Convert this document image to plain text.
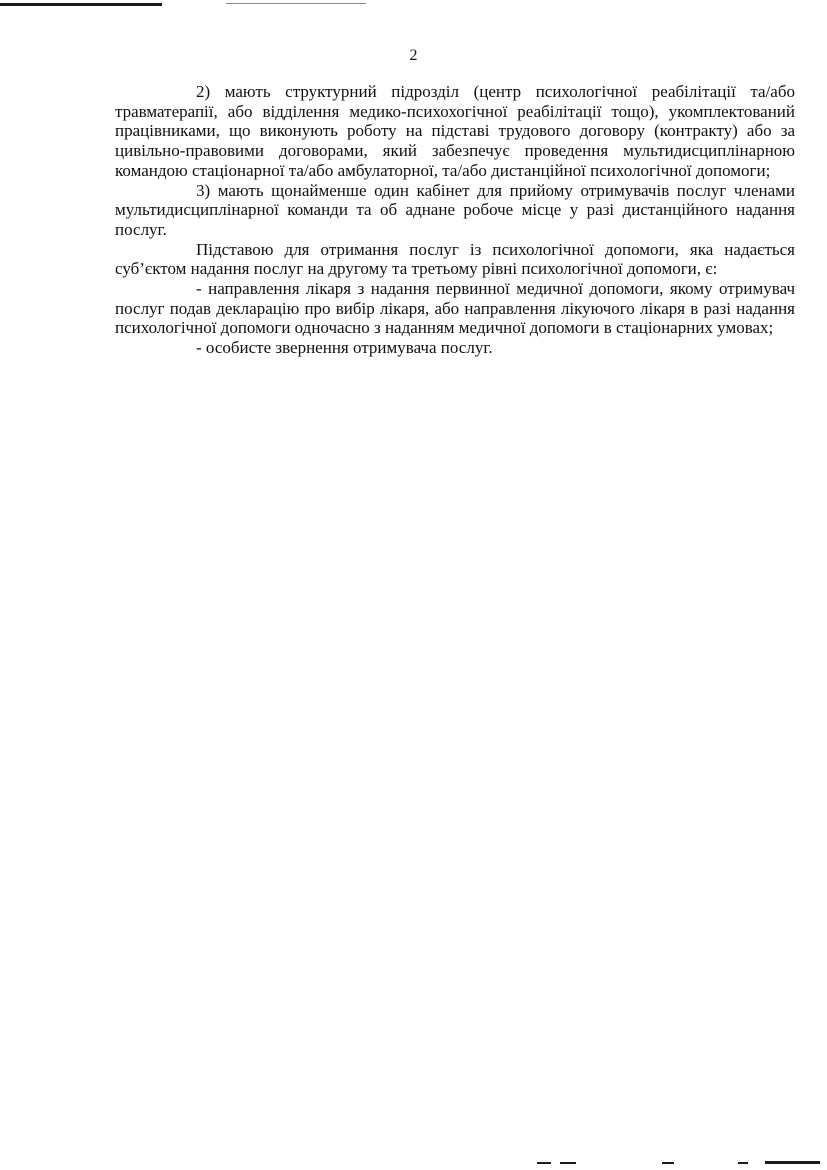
2

2) мають структурний підрозділ (центр психологічної реабілітації та/або травматерапії, або відділення медико-психохогічної реабілітації тощо), укомплектований працівниками, що виконують роботу на підставі трудового договору (контракту) або за цивільно-правовими договорами, який забезпечує проведення мультидисциплінарною командою стаціонарної та/або амбулаторної, та/або дистанційної психологічної допомоги;

3) мають щонайменше один кабінет для прийому отримувачів послуг членами мультидисциплінарної команди та об аднане робоче місце у разі дистанційного надання послуг.

Підставою для отримання послуг із психологічної допомоги, яка надається суб’єктом надання послуг на другому та третьому рівні психологічної допомоги, є:

- направлення лікаря з надання первинної медичної допомоги, якому отримувач послуг подав декларацію про вибір лікаря, або направлення лікуючого лікаря в разі надання психологічної допомоги одночасно з наданням медичної допомоги в стаціонарних умовах;

- особисте звернення отримувача послуг.
